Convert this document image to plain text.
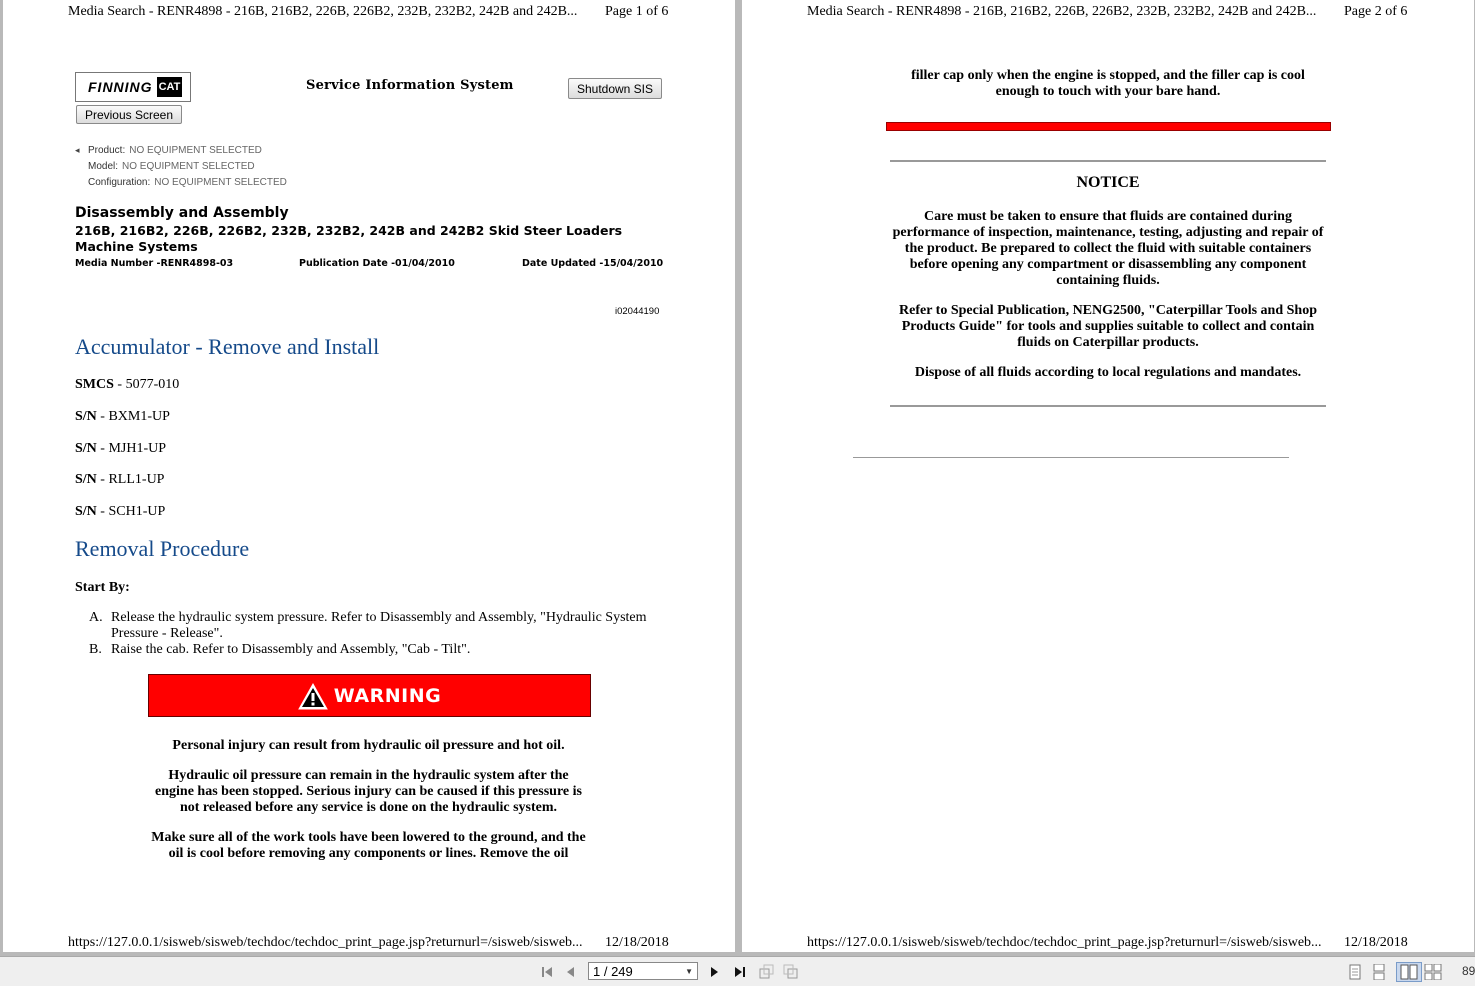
Media Search - RENR4898 - 216B, 216B2, 226B, 226B2, 232B, 232B2, 242B and 242B... Page 1 of 6
FINNING CAT	Service Information System	Shutdown SIS
Previous Screen
◂ Product: NO EQUIPMENT SELECTED
Model: NO EQUIPMENT SELECTED
Configuration: NO EQUIPMENT SELECTED
Disassembly and Assembly
216B, 216B2, 226B, 226B2, 232B, 232B2, 242B and 242B2 Skid Steer Loaders Machine Systems
Media Number -RENR4898-03	Publication Date -01/04/2010	Date Updated -15/04/2010
i02044190
Accumulator - Remove and Install
SMCS - 5077-010
S/N - BXM1-UP
S/N - MJH1-UP
S/N - RLL1-UP
S/N - SCH1-UP
Removal Procedure
Start By:
A. Release the hydraulic system pressure. Refer to Disassembly and Assembly, "Hydraulic System Pressure - Release".
B. Raise the cab. Refer to Disassembly and Assembly, "Cab - Tilt".
WARNING
Personal injury can result from hydraulic oil pressure and hot oil.
Hydraulic oil pressure can remain in the hydraulic system after the engine has been stopped. Serious injury can be caused if this pressure is not released before any service is done on the hydraulic system.
Make sure all of the work tools have been lowered to the ground, and the oil is cool before removing any components or lines. Remove the oil
https://127.0.0.1/sisweb/sisweb/techdoc/techdoc_print_page.jsp?returnurl=/sisweb/sisweb... 12/18/2018
Media Search - RENR4898 - 216B, 216B2, 226B, 226B2, 232B, 232B2, 242B and 242B... Page 2 of 6
filler cap only when the engine is stopped, and the filler cap is cool enough to touch with your bare hand.
NOTICE
Care must be taken to ensure that fluids are contained during performance of inspection, maintenance, testing, adjusting and repair of the product. Be prepared to collect the fluid with suitable containers before opening any compartment or disassembling any component containing fluids.
Refer to Special Publication, NENG2500, "Caterpillar Tools and Shop Products Guide" for tools and supplies suitable to collect and contain fluids on Caterpillar products.
Dispose of all fluids according to local regulations and mandates.
https://127.0.0.1/sisweb/sisweb/techdoc/techdoc_print_page.jsp?returnurl=/sisweb/sisweb... 12/18/2018
1 / 249	▼	89
